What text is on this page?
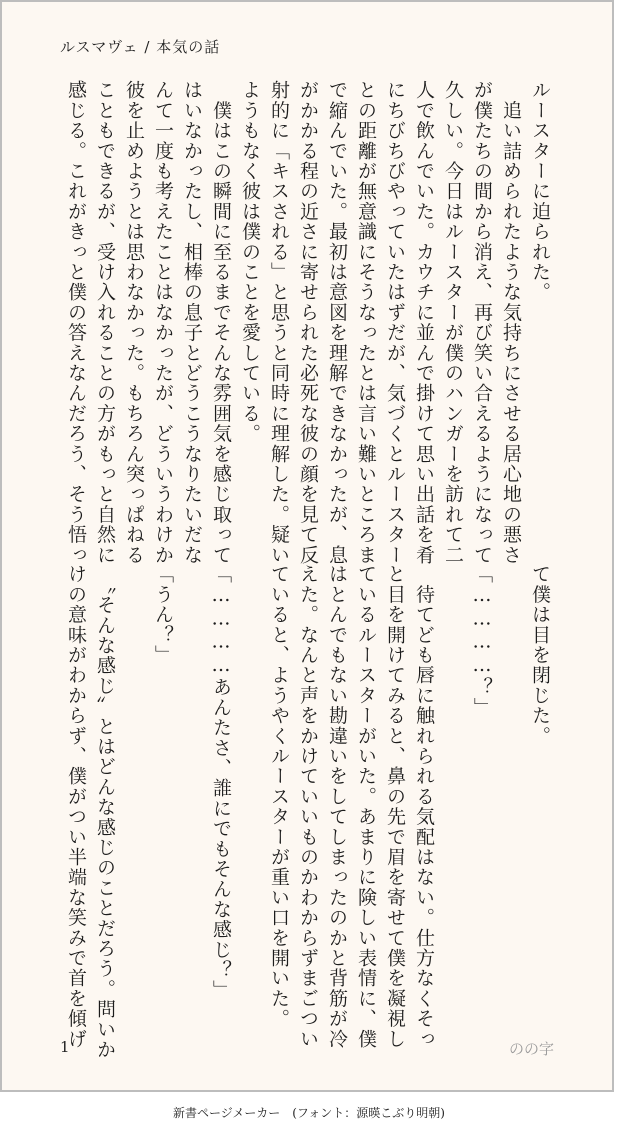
ルスマヴェ / 本気の話
ルースターに迫られた。
　追い詰められたような気持ちにさせる居心地の悪さ
が僕たちの間から消え、再び笑い合えるようになって
久しい。今日はルースターが僕のハンガーを訪れて二
人で飲んでいた。カウチに並んで掛けて思い出話を肴
にちびちびやっていたはずだが、気づくとルースター
との距離が無意識にそうなったとは言い難いところま
で縮んでいた。最初は意図を理解できなかったが、息
がかかる程の近さに寄せられた必死な彼の顔を見て反
射的に「キスされる」と思うと同時に理解した。疑い
ようもなく彼は僕のことを愛している。
　僕はこの瞬間に至るまでそんな雰囲気を感じ取って
はいなかったし、相棒の息子とどうこうなりたいだな
んて一度も考えたことはなかったが、どういうわけか
彼を止めようとは思わなかった。もちろん突っぱねる
こともできるが、受け入れることの方がもっと自然に
感じる。これがきっと僕の答えなんだろう、そう悟っ
て僕は目を閉じた。
「…………？」
　待てども唇に触れられる気配はない。仕方なくそっ
と目を開けてみると、鼻の先で眉を寄せて僕を凝視し
ているルースターがいた。あまりに険しい表情に、僕
はとんでもない勘違いをしてしまったのかと背筋が冷
えた。なんと声をかけていいものかわからずまごつい
ていると、ようやくルースターが重い口を開いた。
「…………あんたさ、誰にでもそんな感じ？」
「うん？」
　〝そんな感じ〟とはどんな感じのことだろう。問いか
けの意味がわからず、僕がつい半端な笑みで首を傾げ
1	のの字
新書ページメーカー　(フォント：源暎こぶり明朝)
